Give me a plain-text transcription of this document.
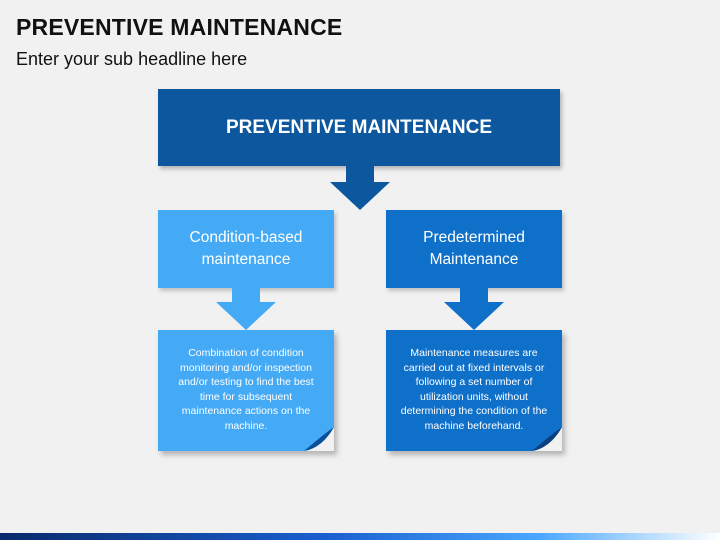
PREVENTIVE MAINTENANCE
Enter your sub headline here
PREVENTIVE MAINTENANCE
Condition-based maintenance
Predetermined Maintenance
Combination of condition monitoring and/or inspection and/or testing to find the best time for subsequent maintenance actions on the machine.
Maintenance measures are carried out at fixed intervals or following a set number of utilization units, without determining the condition of the machine beforehand.
